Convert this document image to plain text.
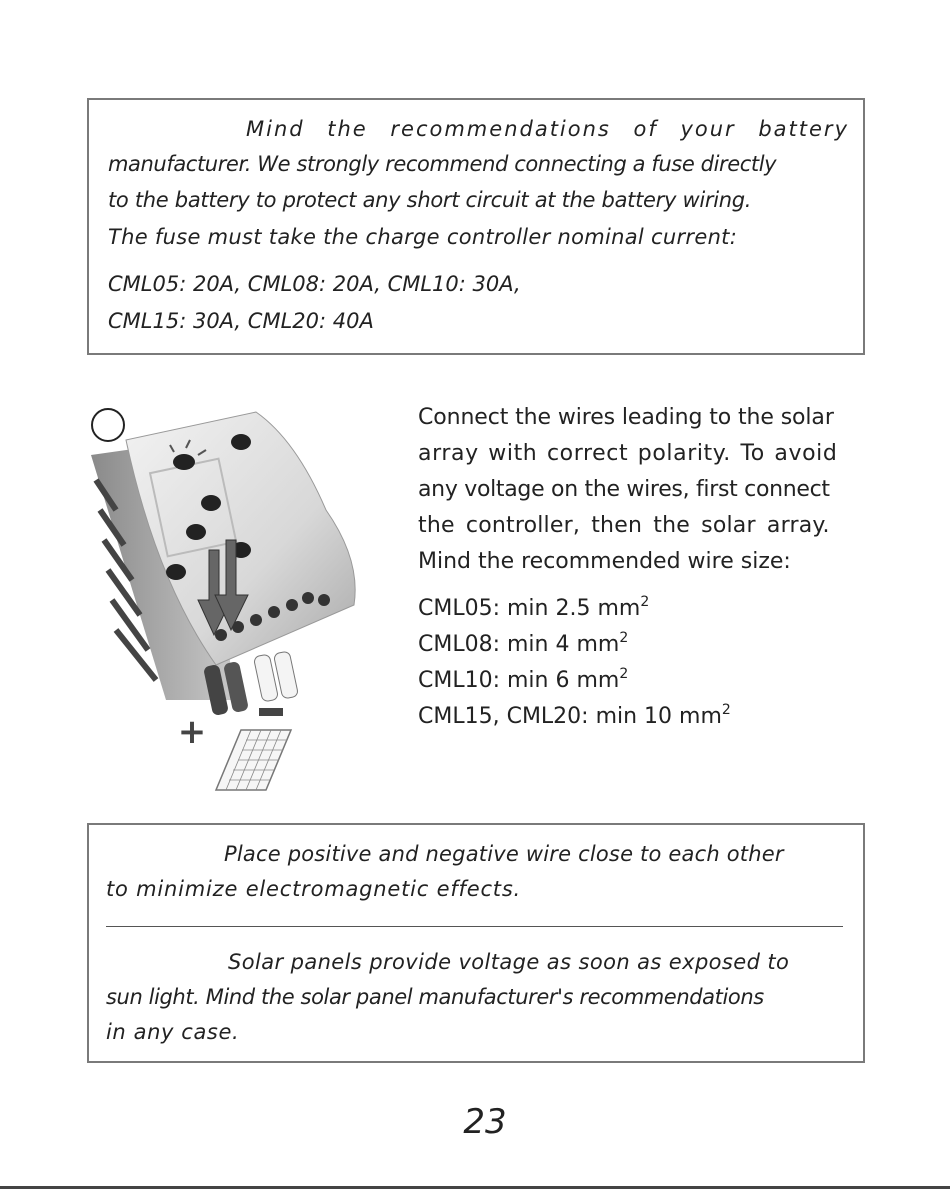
Mind the recommendations of your battery
manufacturer. We strongly recommend connecting a fuse directly
to the battery to protect any short circuit at the battery wiring.
The fuse must take the charge controller nominal current:
CML05: 20A, CML08: 20A, CML10: 30A,
CML15: 30A, CML20: 40A
+
Connect the wires leading to the solar
array with correct polarity. To avoid
any voltage on the wires, first connect
the controller, then the solar array.
Mind the recommended wire size:
CML05: min 2.5 $mm^2$
CML08: min 4 $mm^2$
CML10: min 6 $mm^2$
CML15, CML20: min 10 $mm^2$
Place positive and negative wire close to each other
to minimize electromagnetic effects.
Solar panels provide voltage as soon as exposed to
sun light. Mind the solar panel manufacturer's recommendations
in any case.
23
